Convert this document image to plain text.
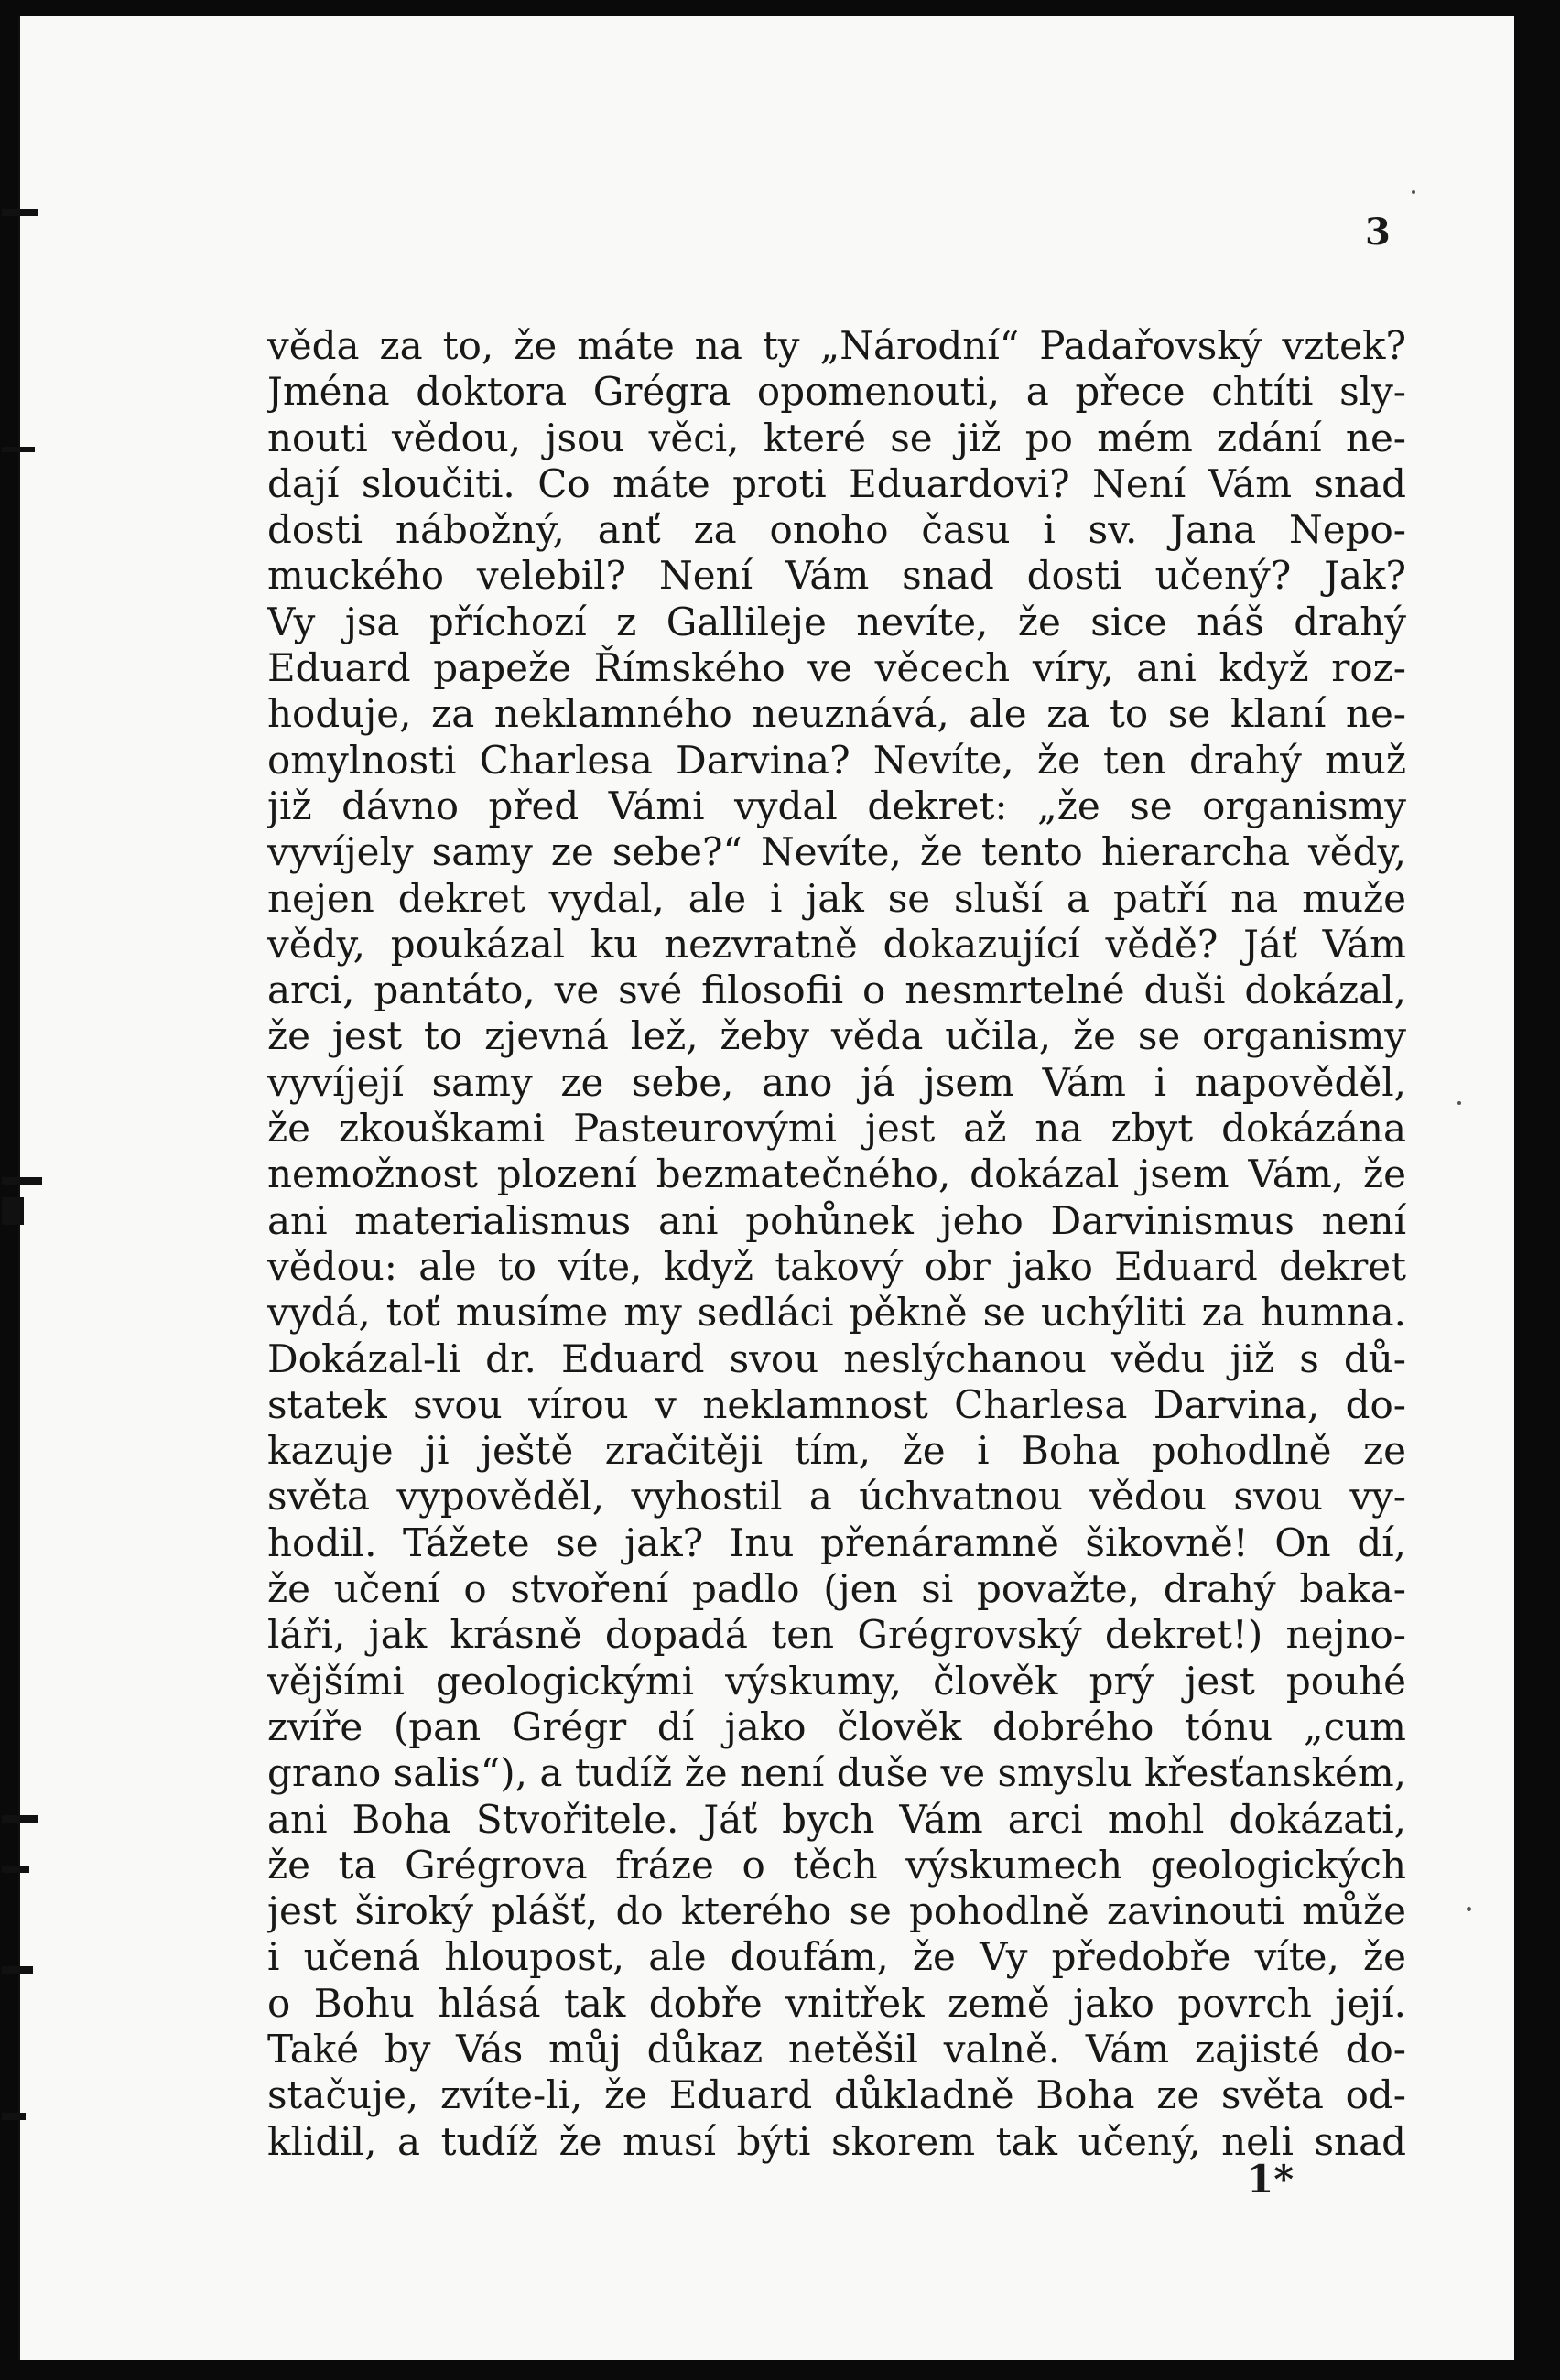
3
věda za to, že máte na ty „Národní“ Padařovský vztek?
Jména doktora Grégra opomenouti, a přece chtíti sly-
nouti vědou, jsou věci, které se již po mém zdání ne-
dají sloučiti. Co máte proti Eduardovi? Není Vám snad
dosti nábožný, anť za onoho času i sv. Jana Nepo-
muckého velebil? Není Vám snad dosti učený? Jak?
Vy jsa příchozí z Gallileje nevíte, že sice náš drahý
Eduard papeže Římského ve věcech víry, ani když roz-
hoduje, za neklamného neuznává, ale za to se klaní ne-
omylnosti Charlesa Darvina? Nevíte, že ten drahý muž
již dávno před Vámi vydal dekret: „že se organismy
vyvíjely samy ze sebe?“ Nevíte, že tento hierarcha vědy,
nejen dekret vydal, ale i jak se sluší a patří na muže
vědy, poukázal ku nezvratně dokazující vědě? Jáť Vám
arci, pantáto, ve své filosofii o nesmrtelné duši dokázal,
že jest to zjevná lež, žeby věda učila, že se organismy
vyvíjejí samy ze sebe, ano já jsem Vám i napověděl,
že zkouškami Pasteurovými jest až na zbyt dokázána
nemožnost plození bezmatečného, dokázal jsem Vám, že
ani materialismus ani pohůnek jeho Darvinismus není
vědou: ale to víte, když takový obr jako Eduard dekret
vydá, toť musíme my sedláci pěkně se uchýliti za humna.
Dokázal-li dr. Eduard svou neslýchanou vědu již s dů-
statek svou vírou v neklamnost Charlesa Darvina, do-
kazuje ji ještě zračitěji tím, že i Boha pohodlně ze
světa vypověděl, vyhostil a úchvatnou vědou svou vy-
hodil. Tážete se jak? Inu přenáramně šikovně! On dí,
že učení o stvoření padlo (jen si považte, drahý baka-
láři, jak krásně dopadá ten Grégrovský dekret!) nejno-
vějšími geologickými výskumy, člověk prý jest pouhé
zvíře (pan Grégr dí jako člověk dobrého tónu „cum
grano salis“), a tudíž že není duše ve smyslu křesťanském,
ani Boha Stvořitele. Jáť bych Vám arci mohl dokázati,
že ta Grégrova fráze o těch výskumech geologických
jest široký plášť, do kterého se pohodlně zavinouti může
i učená hloupost, ale doufám, že Vy předobře víte, že
o Bohu hlásá tak dobře vnitřek země jako povrch její.
Také by Vás můj důkaz netěšil valně. Vám zajisté do-
stačuje, zvíte-li, že Eduard důkladně Boha ze světa od-
klidil, a tudíž že musí býti skorem tak učený, neli snad
1*
